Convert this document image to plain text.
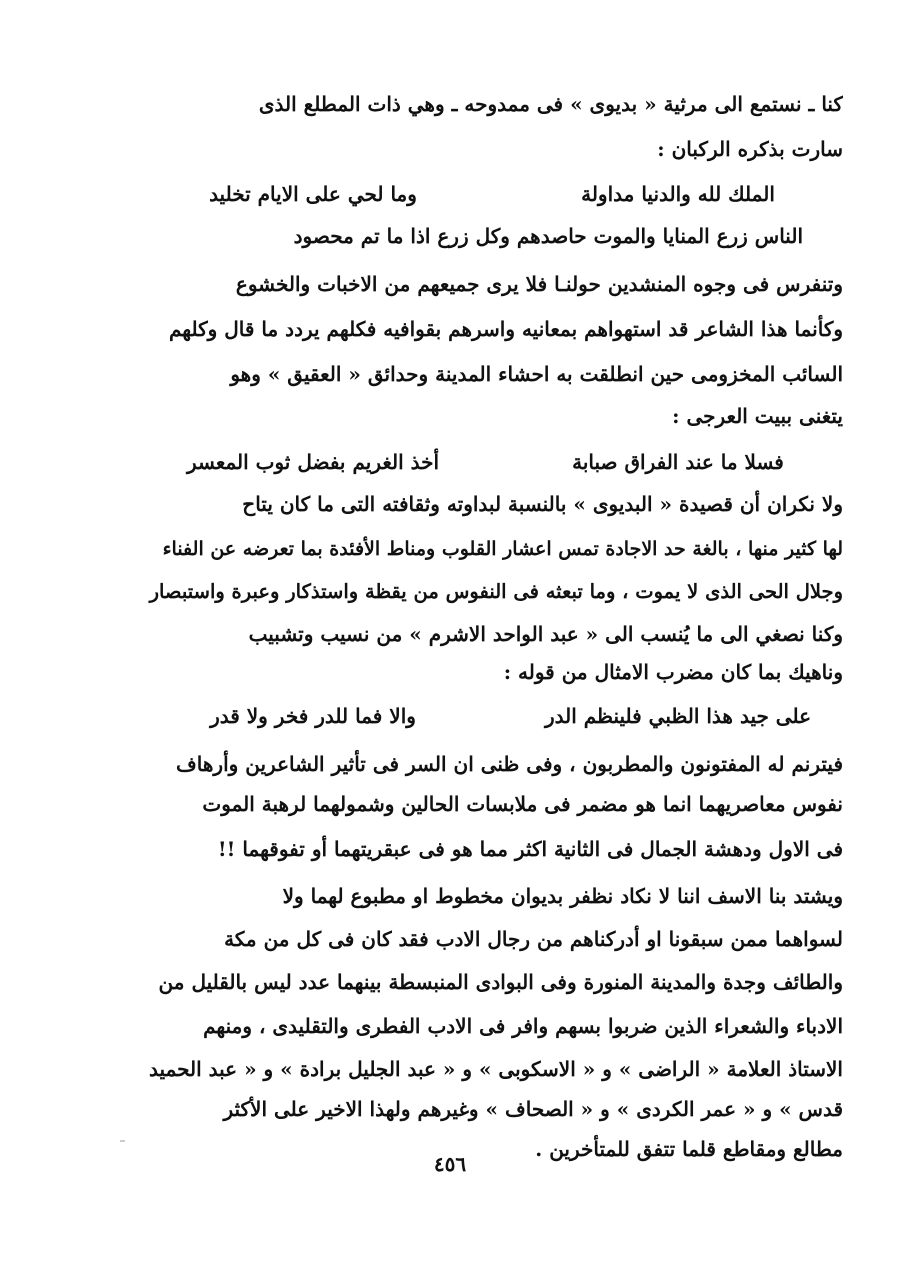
كنا ـ نستمع الى مرثية « بديوى » فى ممدوحه ـ وهي ذات المطلع الذى
سارت بذكره الركبان :
الملك لله والدنيا مداولة
وما لحي على الايام تخليد
الناس زرع المنايا والموت حاصدهم وكل زرع اذا ما تم محصود
وتنفرس فى وجوه المنشدين حولنـا فلا يرى جميعهم من الاخبات والخشوع
وكأنما هذا الشاعر قد استهواهم بمعانيه واسرهم بقوافيه فكلهم يردد ما قال وكلهم
السائب المخزومى حين انطلقت به احشاء المدينة وحدائق « العقيق » وهو
يتغنى ببيت العرجى :
فسلا ما عند الفراق صبابة
أخذ الغريم بفضل ثوب المعسر
ولا نكران أن قصيدة « البديوى » بالنسبة لبداوته وثقافته التى ما كان يتاح
لها كثير منها ، بالغة حد الاجادة تمس اعشار القلوب ومناط الأفئدة بما تعرضه عن الفناء
وجلال الحى الذى لا يموت ، وما تبعثه فى النفوس من يقظة واستذكار وعبرة واستبصار
وكنا نصغي الى ما يُنسب الى « عبد الواحد الاشرم » من نسيب وتشبيب
وناهيك بما كان مضرب الامثال من قوله :
على جيد هذا الظبي فلينظم الدر
والا فما للدر فخر ولا قدر
فيترنم له المفتونون والمطربون ، وفى ظنى ان السر فى تأثير الشاعرين وأرهاف
نفوس معاصريهما انما هو مضمر فى ملابسات الحالين وشمولهما لرهبة الموت
فى الاول ودهشة الجمال فى الثانية اكثر مما هو فى عبقريتهما أو تفوقهما !!
ويشتد بنا الاسف اننا لا نكاد نظفر بديوان مخطوط او مطبوع لهما ولا
لسواهما ممن سبقونا او أدركناهم من رجال الادب فقد كان فى كل من مكة
والطائف وجدة والمدينة المنورة وفى البوادى المنبسطة بينهما عدد ليس بالقليل من
الادباء والشعراء الذين ضربوا بسهم وافر فى الادب الفطرى والتقليدى ، ومنهم
الاستاذ العلامة « الراضى » و « الاسكوبى » و « عبد الجليل برادة » و « عبد الحميد
قدس » و « عمر الكردى » و « الصحاف » وغيرهم ولهذا الاخير على الأكثر
مطالع ومقاطع قلما تتفق للمتأخرين .
٤٥٦
